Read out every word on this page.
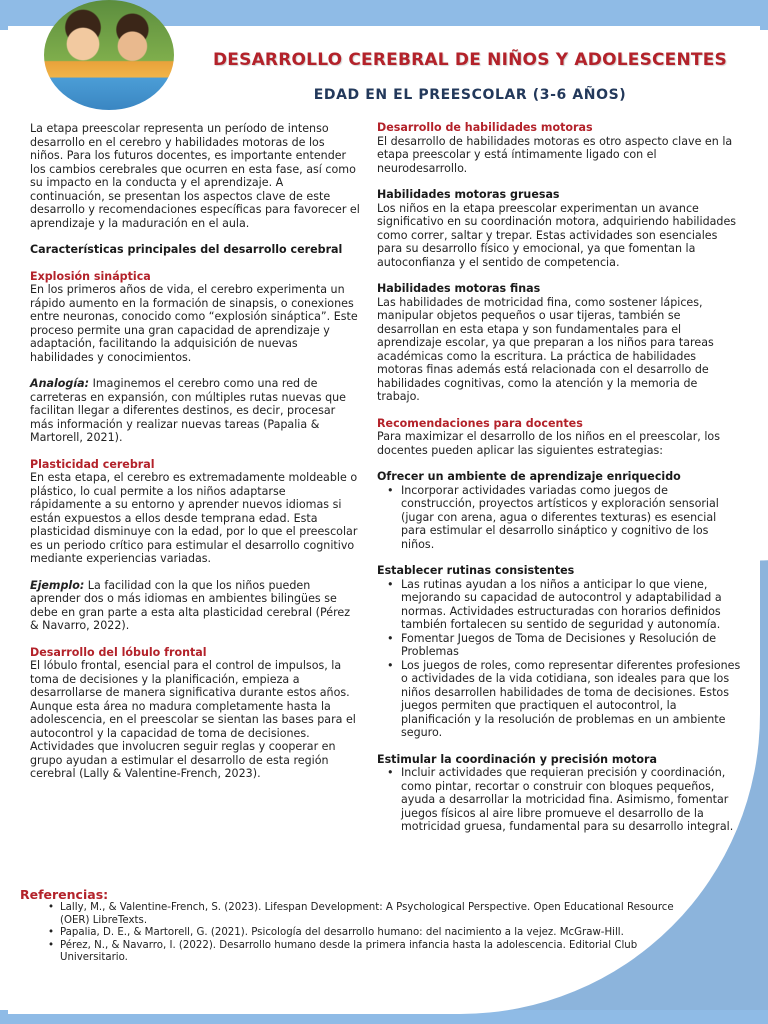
DESARROLLO CEREBRAL DE NIÑOS Y ADOLESCENTES
EDAD EN EL PREESCOLAR (3-6 AÑOS)

La etapa preescolar representa un período de intenso desarrollo en el cerebro y habilidades motoras de los niños. Para los futuros docentes, es importante entender los cambios cerebrales que ocurren en esta fase, así como su impacto en la conducta y el aprendizaje. A continuación, se presentan los aspectos clave de este desarrollo y recomendaciones específicas para favorecer el aprendizaje y la maduración en el aula.

Características principales del desarrollo cerebral

Explosión sináptica
En los primeros años de vida, el cerebro experimenta un rápido aumento en la formación de sinapsis, o conexiones entre neuronas, conocido como “explosión sináptica”. Este proceso permite una gran capacidad de aprendizaje y adaptación, facilitando la adquisición de nuevas habilidades y conocimientos.

Analogía: Imaginemos el cerebro como una red de carreteras en expansión, con múltiples rutas nuevas que facilitan llegar a diferentes destinos, es decir, procesar más información y realizar nuevas tareas (Papalia & Martorell, 2021).

Plasticidad cerebral
En esta etapa, el cerebro es extremadamente moldeable o plástico, lo cual permite a los niños adaptarse rápidamente a su entorno y aprender nuevos idiomas si están expuestos a ellos desde temprana edad. Esta plasticidad disminuye con la edad, por lo que el preescolar es un periodo crítico para estimular el desarrollo cognitivo mediante experiencias variadas.

Ejemplo: La facilidad con la que los niños pueden aprender dos o más idiomas en ambientes bilingües se debe en gran parte a esta alta plasticidad cerebral (Pérez & Navarro, 2022).

Desarrollo del lóbulo frontal
El lóbulo frontal, esencial para el control de impulsos, la toma de decisiones y la planificación, empieza a desarrollarse de manera significativa durante estos años. Aunque esta área no madura completamente hasta la adolescencia, en el preescolar se sientan las bases para el autocontrol y la capacidad de toma de decisiones. Actividades que involucren seguir reglas y cooperar en grupo ayudan a estimular el desarrollo de esta región cerebral (Lally & Valentine-French, 2023).

Desarrollo de habilidades motoras
El desarrollo de habilidades motoras es otro aspecto clave en la etapa preescolar y está íntimamente ligado con el neurodesarrollo.

Habilidades motoras gruesas
Los niños en la etapa preescolar experimentan un avance significativo en su coordinación motora, adquiriendo habilidades como correr, saltar y trepar. Estas actividades son esenciales para su desarrollo físico y emocional, ya que fomentan la autoconfianza y el sentido de competencia.

Habilidades motoras finas
Las habilidades de motricidad fina, como sostener lápices, manipular objetos pequeños o usar tijeras, también se desarrollan en esta etapa y son fundamentales para el aprendizaje escolar, ya que preparan a los niños para tareas académicas como la escritura. La práctica de habilidades motoras finas además está relacionada con el desarrollo de habilidades cognitivas, como la atención y la memoria de trabajo.

Recomendaciones para docentes
Para maximizar el desarrollo de los niños en el preescolar, los docentes pueden aplicar las siguientes estrategias:

Ofrecer un ambiente de aprendizaje enriquecido

• Incorporar actividades variadas como juegos de construcción, proyectos artísticos y exploración sensorial (jugar con arena, agua o diferentes texturas) es esencial para estimular el desarrollo sináptico y cognitivo de los niños.

Establecer rutinas consistentes

• Las rutinas ayudan a los niños a anticipar lo que viene, mejorando su capacidad de autocontrol y adaptabilidad a normas. Actividades estructuradas con horarios definidos también fortalecen su sentido de seguridad y autonomía.
• Fomentar Juegos de Toma de Decisiones y Resolución de Problemas
• Los juegos de roles, como representar diferentes profesiones o actividades de la vida cotidiana, son ideales para que los niños desarrollen habilidades de toma de decisiones. Estos juegos permiten que practiquen el autocontrol, la planificación y la resolución de problemas en un ambiente seguro.

Estimular la coordinación y precisión motora

• Incluir actividades que requieran precisión y coordinación, como pintar, recortar o construir con bloques pequeños, ayuda a desarrollar la motricidad fina. Asimismo, fomentar juegos físicos al aire libre promueve el desarrollo de la motricidad gruesa, fundamental para su desarrollo integral.
Referencias:
• Lally, M., & Valentine-French, S. (2023). Lifespan Development: A Psychological Perspective. Open Educational Resource (OER) LibreTexts.
• Papalia, D. E., & Martorell, G. (2021). Psicología del desarrollo humano: del nacimiento a la vejez. McGraw-Hill.
• Pérez, N., & Navarro, I. (2022). Desarrollo humano desde la primera infancia hasta la adolescencia. Editorial Club Universitario.
